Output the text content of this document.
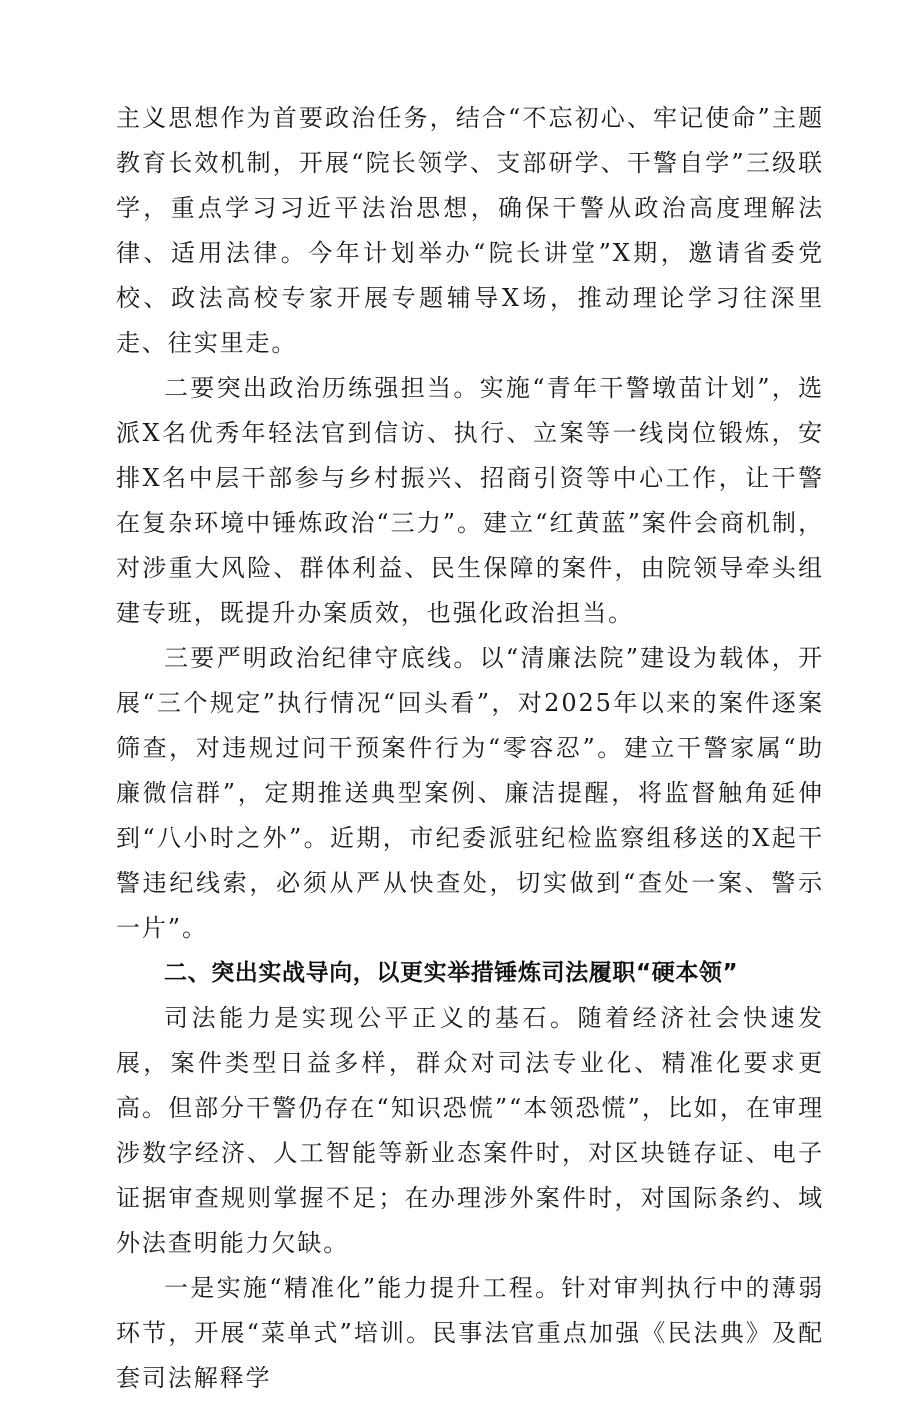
主义思想作为首要政治任务，结合“不忘初心、牢记使命”主题教育长效机制，开展“院长领学、支部研学、干警自学”三级联学，重点学习习近平法治思想，确保干警从政治高度理解法律、适用法律。今年计划举办“院长讲堂”X期，邀请省委党校、政法高校专家开展专题辅导X场，推动理论学习往深里走、往实里走。

二要突出政治历练强担当。实施“青年干警墩苗计划”，选派X名优秀年轻法官到信访、执行、立案等一线岗位锻炼，安排X名中层干部参与乡村振兴、招商引资等中心工作，让干警在复杂环境中锤炼政治“三力”。建立“红黄蓝”案件会商机制，对涉重大风险、群体利益、民生保障的案件，由院领导牵头组建专班，既提升办案质效，也强化政治担当。

三要严明政治纪律守底线。以“清廉法院”建设为载体，开展“三个规定”执行情况“回头看”，对2025年以来的案件逐案筛查，对违规过问干预案件行为“零容忍”。建立干警家属“助廉微信群”，定期推送典型案例、廉洁提醒，将监督触角延伸到“八小时之外”。近期，市纪委派驻纪检监察组移送的X起干警违纪线索，必须从严从快查处，切实做到“查处一案、警示一片”。

二、突出实战导向，以更实举措锤炼司法履职“硬本领”

司法能力是实现公平正义的基石。随着经济社会快速发展，案件类型日益多样，群众对司法专业化、精准化要求更高。但部分干警仍存在“知识恐慌”“本领恐慌”，比如，在审理涉数字经济、人工智能等新业态案件时，对区块链存证、电子证据审查规则掌握不足；在办理涉外案件时，对国际条约、域外法查明能力欠缺。

一是实施“精准化”能力提升工程。针对审判执行中的薄弱环节，开展“菜单式”培训。民事法官重点加强《民法典》及配套司法解释学
